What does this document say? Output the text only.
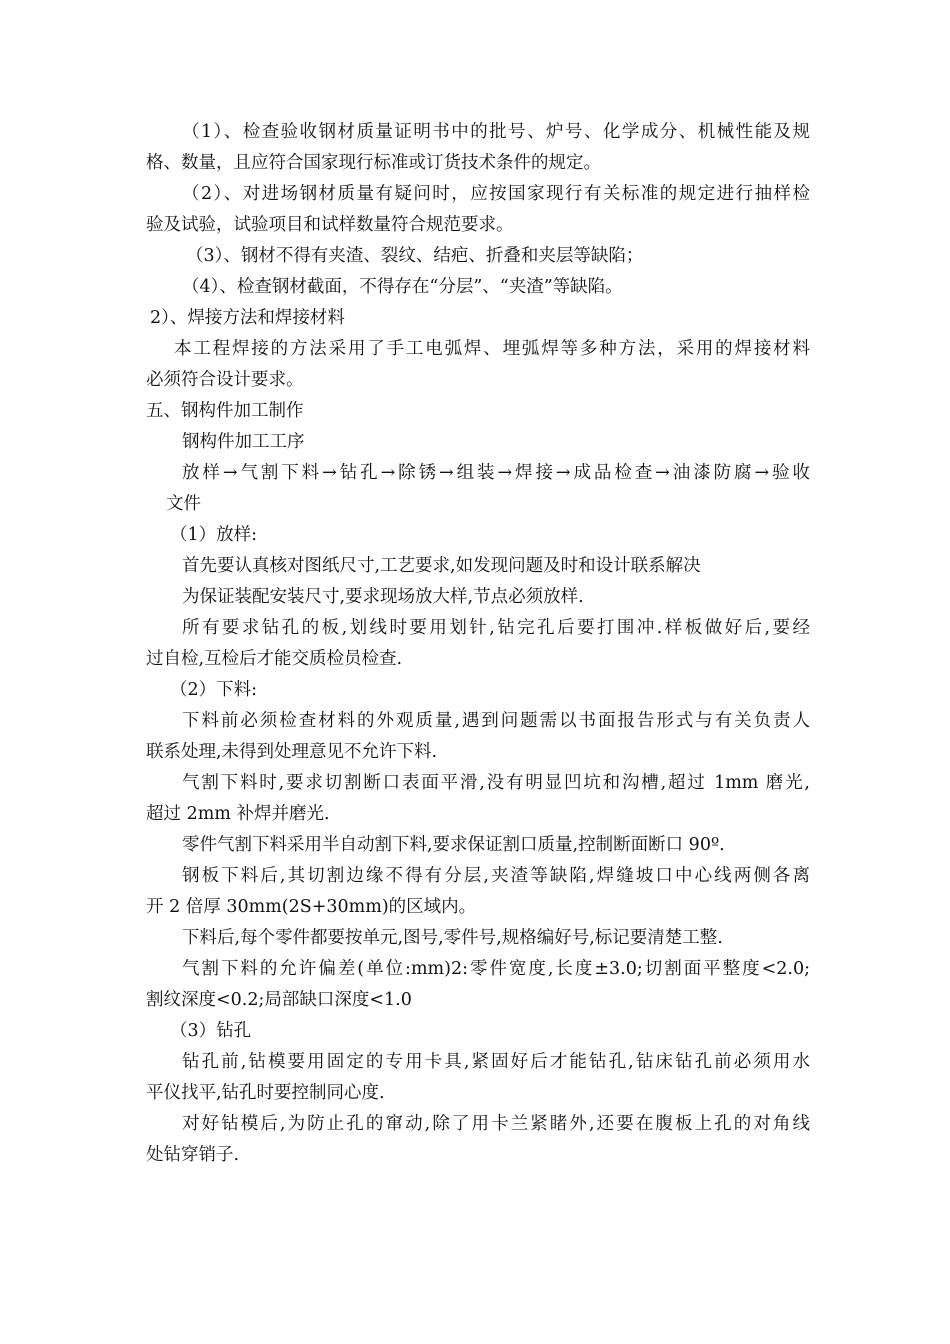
（1）、检查验收钢材质量证明书中的批号、炉号、化学成分、机械性能及规
格、数量，且应符合国家现行标准或订货技术条件的规定。
（2）、对进场钢材质量有疑问时，应按国家现行有关标准的规定进行抽样检
验及试验，试验项目和试样数量符合规范要求。
（3）、钢材不得有夹渣、裂纹、结疤、折叠和夹层等缺陷；
（4）、检查钢材截面，不得存在“分层”、“夹渣”等缺陷。
2）、焊接方法和焊接材料
本工程焊接的方法采用了手工电弧焊、埋弧焊等多种方法，采用的焊接材料
必须符合设计要求。
五、钢构件加工制作
钢构件加工工序
放样→气割下料→钻孔→除锈→组装→焊接→成品检查→油漆防腐→验收
文件
（1）放样:
首先要认真核对图纸尺寸,工艺要求,如发现问题及时和设计联系解决
为保证装配安装尺寸,要求现场放大样,节点必须放样.
所有要求钻孔的板,划线时要用划针,钻完孔后要打围冲.样板做好后,要经
过自检,互检后才能交质检员检查.
（2）下料:
下料前必须检查材料的外观质量,遇到问题需以书面报告形式与有关负责人
联系处理,未得到处理意见不允许下料.
气割下料时,要求切割断口表面平滑,没有明显凹坑和沟槽,超过 1mm 磨光,
超过 2mm 补焊并磨光.
零件气割下料采用半自动割下料,要求保证割口质量,控制断面断口 90º.
钢板下料后,其切割边缘不得有分层,夹渣等缺陷,焊缝坡口中心线两侧各离
开 2 倍厚 30mm(2S+30mm)的区域内。
下料后,每个零件都要按单元,图号,零件号,规格编好号,标记要清楚工整.
气割下料的允许偏差(单位:mm)2:零件宽度,长度±3.0;切割面平整度<2.0;
割纹深度<0.2;局部缺口深度<1.0
（3）钻孔
钻孔前,钻模要用固定的专用卡具,紧固好后才能钻孔,钻床钻孔前必须用水
平仪找平,钻孔时要控制同心度.
对好钻模后,为防止孔的窜动,除了用卡兰紧睹外,还要在腹板上孔的对角线
处钻穿销子.
